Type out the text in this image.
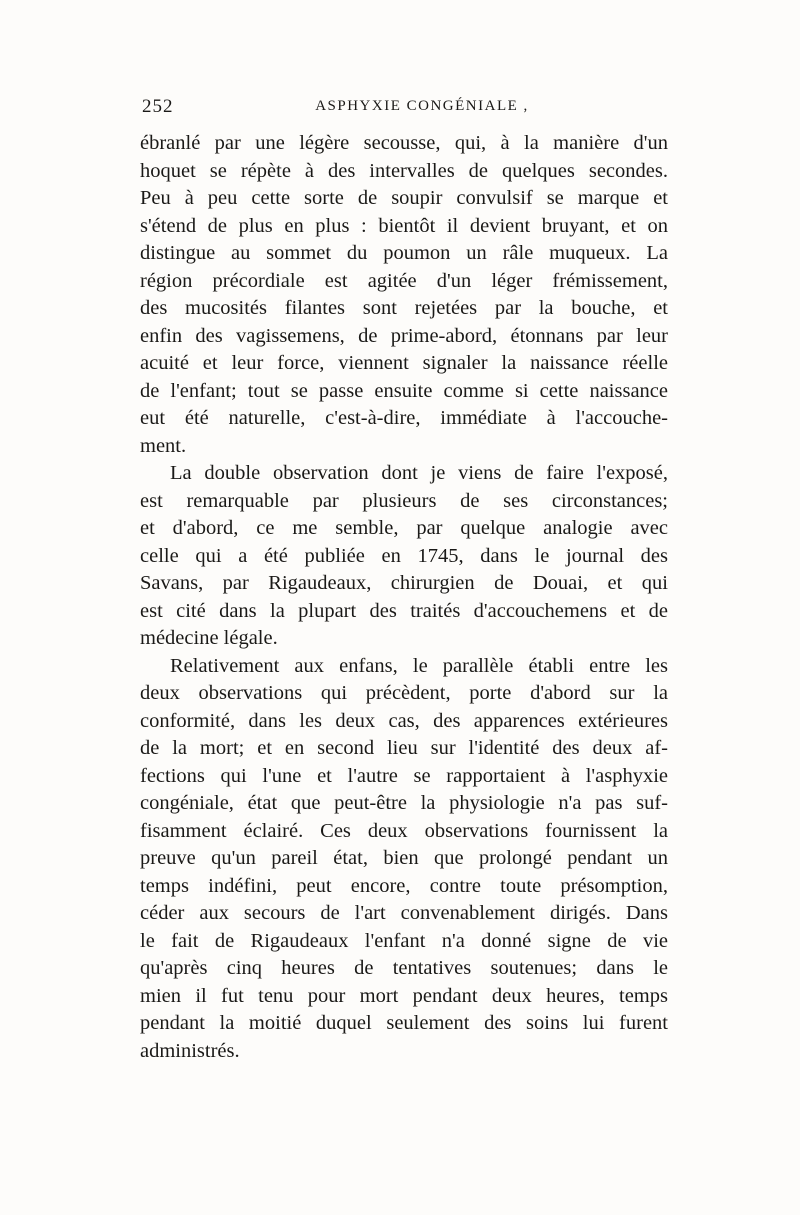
252	ASPHYXIE CONGÉNIALE ,
ébranlé par une légère secousse, qui, à la manière d'un
hoquet se répète à des intervalles de quelques secondes.
Peu à peu cette sorte de soupir convulsif se marque et
s'étend de plus en plus : bientôt il devient bruyant, et on
distingue au sommet du poumon un râle muqueux. La
région précordiale est agitée d'un léger frémissement,
des mucosités filantes sont rejetées par la bouche, et
enfin des vagissemens, de prime-abord, étonnans par leur
acuité et leur force, viennent signaler la naissance réelle
de l'enfant; tout se passe ensuite comme si cette naissance
eut été naturelle, c'est-à-dire, immédiate à l'accouche-
ment.
La double observation dont je viens de faire l'exposé,
est remarquable par plusieurs de ses circonstances;
et d'abord, ce me semble, par quelque analogie avec
celle qui a été publiée en 1745, dans le journal des
Savans, par Rigaudeaux, chirurgien de Douai, et qui
est cité dans la plupart des traités d'accouchemens et de
médecine légale.
Relativement aux enfans, le parallèle établi entre les
deux observations qui précèdent, porte d'abord sur la
conformité, dans les deux cas, des apparences extérieures
de la mort; et en second lieu sur l'identité des deux af-
fections qui l'une et l'autre se rapportaient à l'asphyxie
congéniale, état que peut-être la physiologie n'a pas suf-
fisamment éclairé. Ces deux observations fournissent la
preuve qu'un pareil état, bien que prolongé pendant un
temps indéfini, peut encore, contre toute présomption,
céder aux secours de l'art convenablement dirigés. Dans
le fait de Rigaudeaux l'enfant n'a donné signe de vie
qu'après cinq heures de tentatives soutenues; dans le
mien il fut tenu pour mort pendant deux heures, temps
pendant la moitié duquel seulement des soins lui furent
administrés.
